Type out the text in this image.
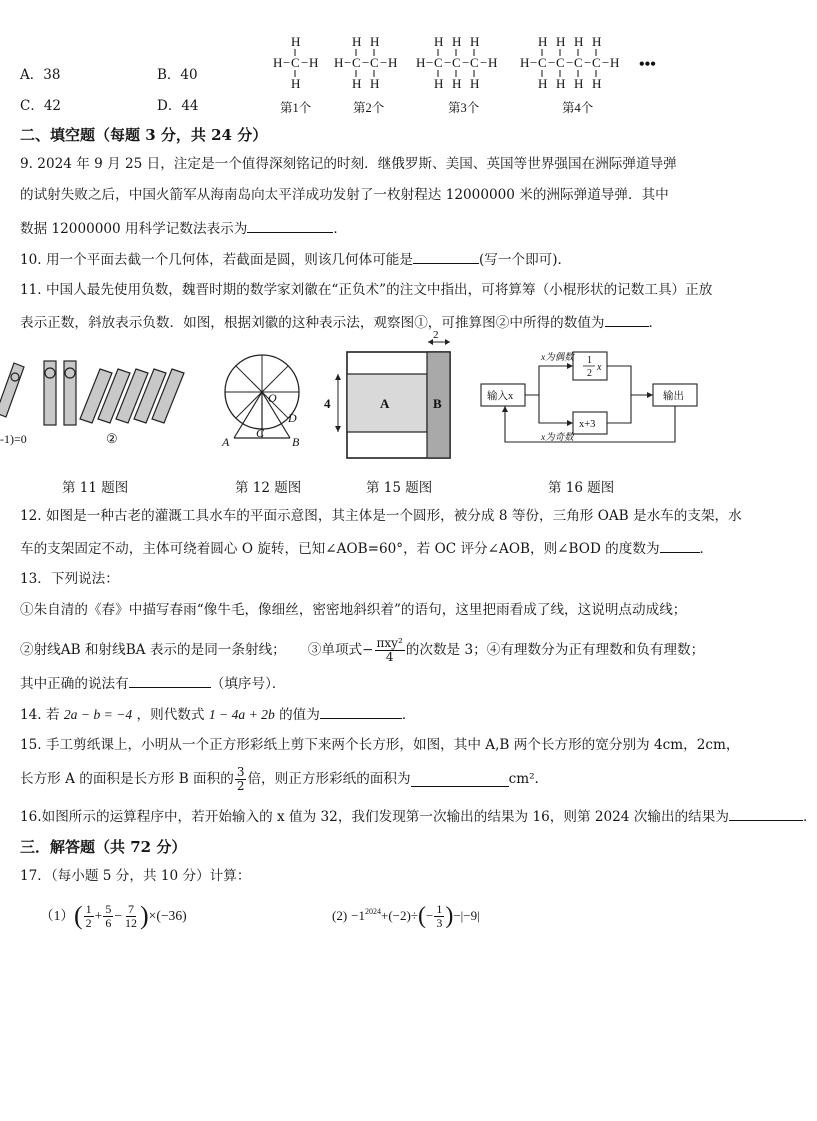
A．38	B．40
C．42	D．44
H
H − C − H
H
H H
H − C − C − H
H H
H H H
H − C − C − C − H
H H H
H H H H
H − C − C − C − C − H
H H H H
•••
第1个	第2个	第3个	第4个
二、填空题（每题 3 分，共 24 分）
9. 2024 年 9 月 25 日，注定是一个值得深刻铭记的时刻．继俄罗斯、美国、英国等世界强国在洲际弹道导弹
的试射失败之后，中国火箭军从海南岛向太平洋成功发射了一枚射程达 12000000 米的洲际弹道导弹．其中
数据 12000000 用科学记数法表示为	．
10. 用一个平面去截一个几何体，若截面是圆，则该几何体可能是	(写一个即可)．
11. 中国人最先使用负数，魏晋时期的数学家刘徽在“正负术”的注文中指出，可将算筹（小棍形状的记数工具）正放
表示正数，斜放表示负数．如图，根据刘徽的这种表示法，观察图①，可推算图②中所得的数值为	．
-1)=0	②
O
A	B
C
D
2
4	A	B	输入x	输出
x为偶数
x为奇数
1
2
x
x+3
第 11 题图	第 12 题图	第 15 题图	第 16 题图
12. 如图是一种古老的灌溉工具水车的平面示意图，其主体是一个圆形，被分成 8 等份，三角形 OAB 是水车的支架，水
车的支架固定不动，主体可绕着圆心 O 旋转，已知∠AOB=60°，若 OC 评分∠AOB，则∠BOD 的度数为	．
13．下列说法：
①朱自清的《春》中描写春雨“像牛毛，像细丝，密密地斜织着”的语句，这里把雨看成了线，这说明点动成线；
②射线AB 和射线BA 表示的是同一条射线； ③单项式− $\frac{\text{πxy²}}{4}$ 的次数是 3；④有理数分为正有理数和负有理数；
其中正确的说法有	（填序号）．
14. 若 2a − b = −4 ，则代数式 1 − 4a + 2b 的值为	．
15. 手工剪纸课上，小明从一个正方形彩纸上剪下来两个长方形，如图，其中 A,B 两个长方形的宽分别为 4cm，2cm，
长方形 A 的面积是长方形 B 面积的 $\frac{3}{2}$ 倍，则正方形彩纸的面积为	cm².
16.如图所示的运算程序中，若开始输入的 x 值为 32，我们发现第一次输出的结果为 16，则第 2024 次输出的结果为	．
三．解答题（共 72 分）
17．（每小题 5 分，共 10 分）计算：
（1） ( $\frac{1}{2} + \frac{5}{6} - \frac{7}{12}$ ) ×(−36)	$(2) -1^{2024} +(-2)\div$ ( − $\frac{1}{3}$ ) −|−9|
